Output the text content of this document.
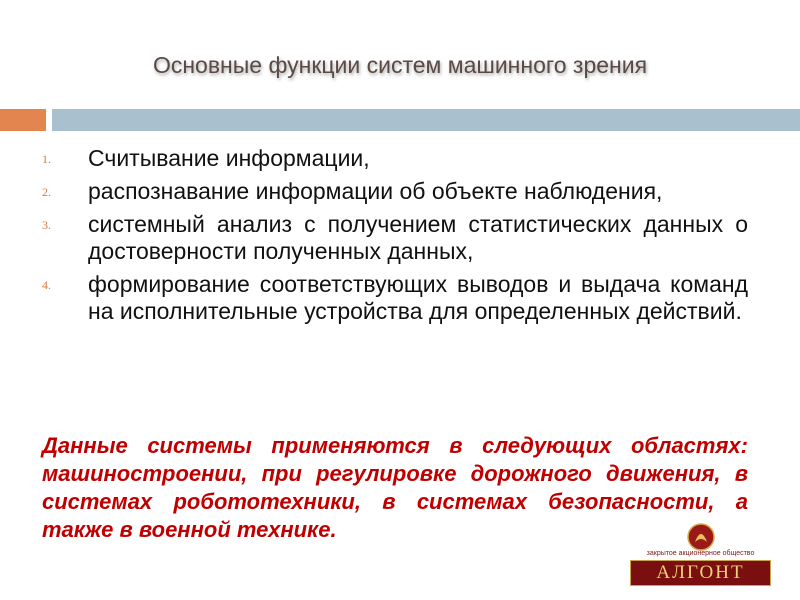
Основные функции систем машинного зрения
1. Считывание информации,
2. распознавание информации об объекте наблюдения,
3. системный анализ с получением статистических данных о достоверности полученных данных,
4. формирование соответствующих выводов и выдача команд на исполнительные устройства для определенных действий.
Данные системы применяются в следующих областях: машиностроении, при регулировке дорожного движения, в системах робототехники, в системах безопасности, а также в военной технике.
закрытое акционерное общество
АЛГОНТ
